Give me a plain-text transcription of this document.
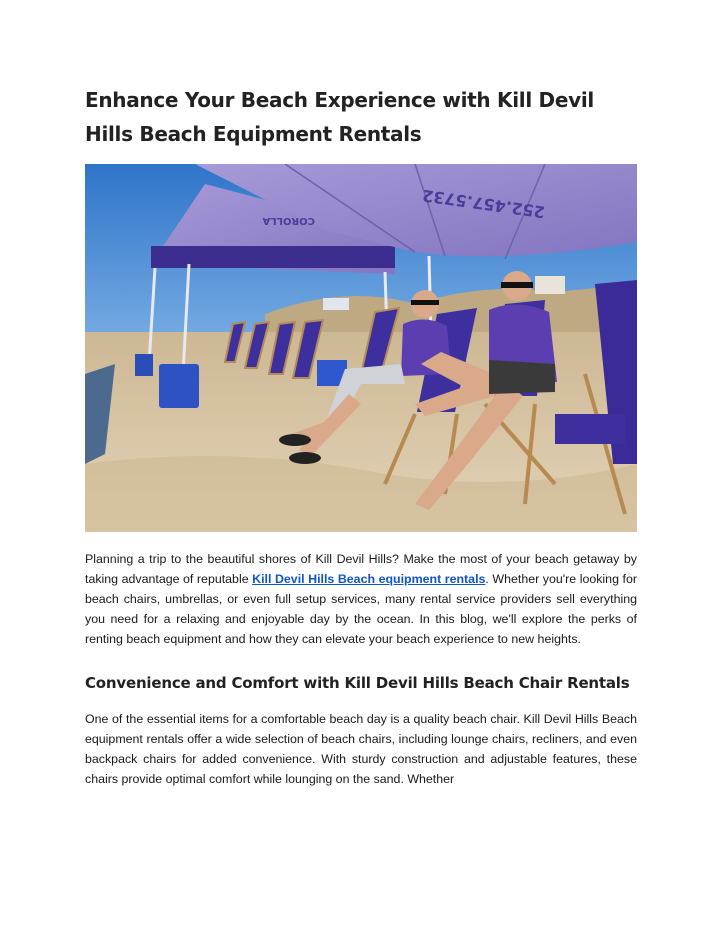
Enhance Your Beach Experience with Kill Devil Hills Beach Equipment Rentals
252.457.5732
COROLLA

Planning a trip to the beautiful shores of Kill Devil Hills? Make the most of your beach getaway by taking advantage of reputable Kill Devil Hills Beach equipment rentals. Whether you're looking for beach chairs, umbrellas, or even full setup services, many rental service providers sell everything you need for a relaxing and enjoyable day by the ocean. In this blog, we'll explore the perks of renting beach equipment and how they can elevate your beach experience to new heights.

Convenience and Comfort with Kill Devil Hills Beach Chair Rentals

One of the essential items for a comfortable beach day is a quality beach chair. Kill Devil Hills Beach equipment rentals offer a wide selection of beach chairs, including lounge chairs, recliners, and even backpack chairs for added convenience. With sturdy construction and adjustable features, these chairs provide optimal comfort while lounging on the sand. Whether
